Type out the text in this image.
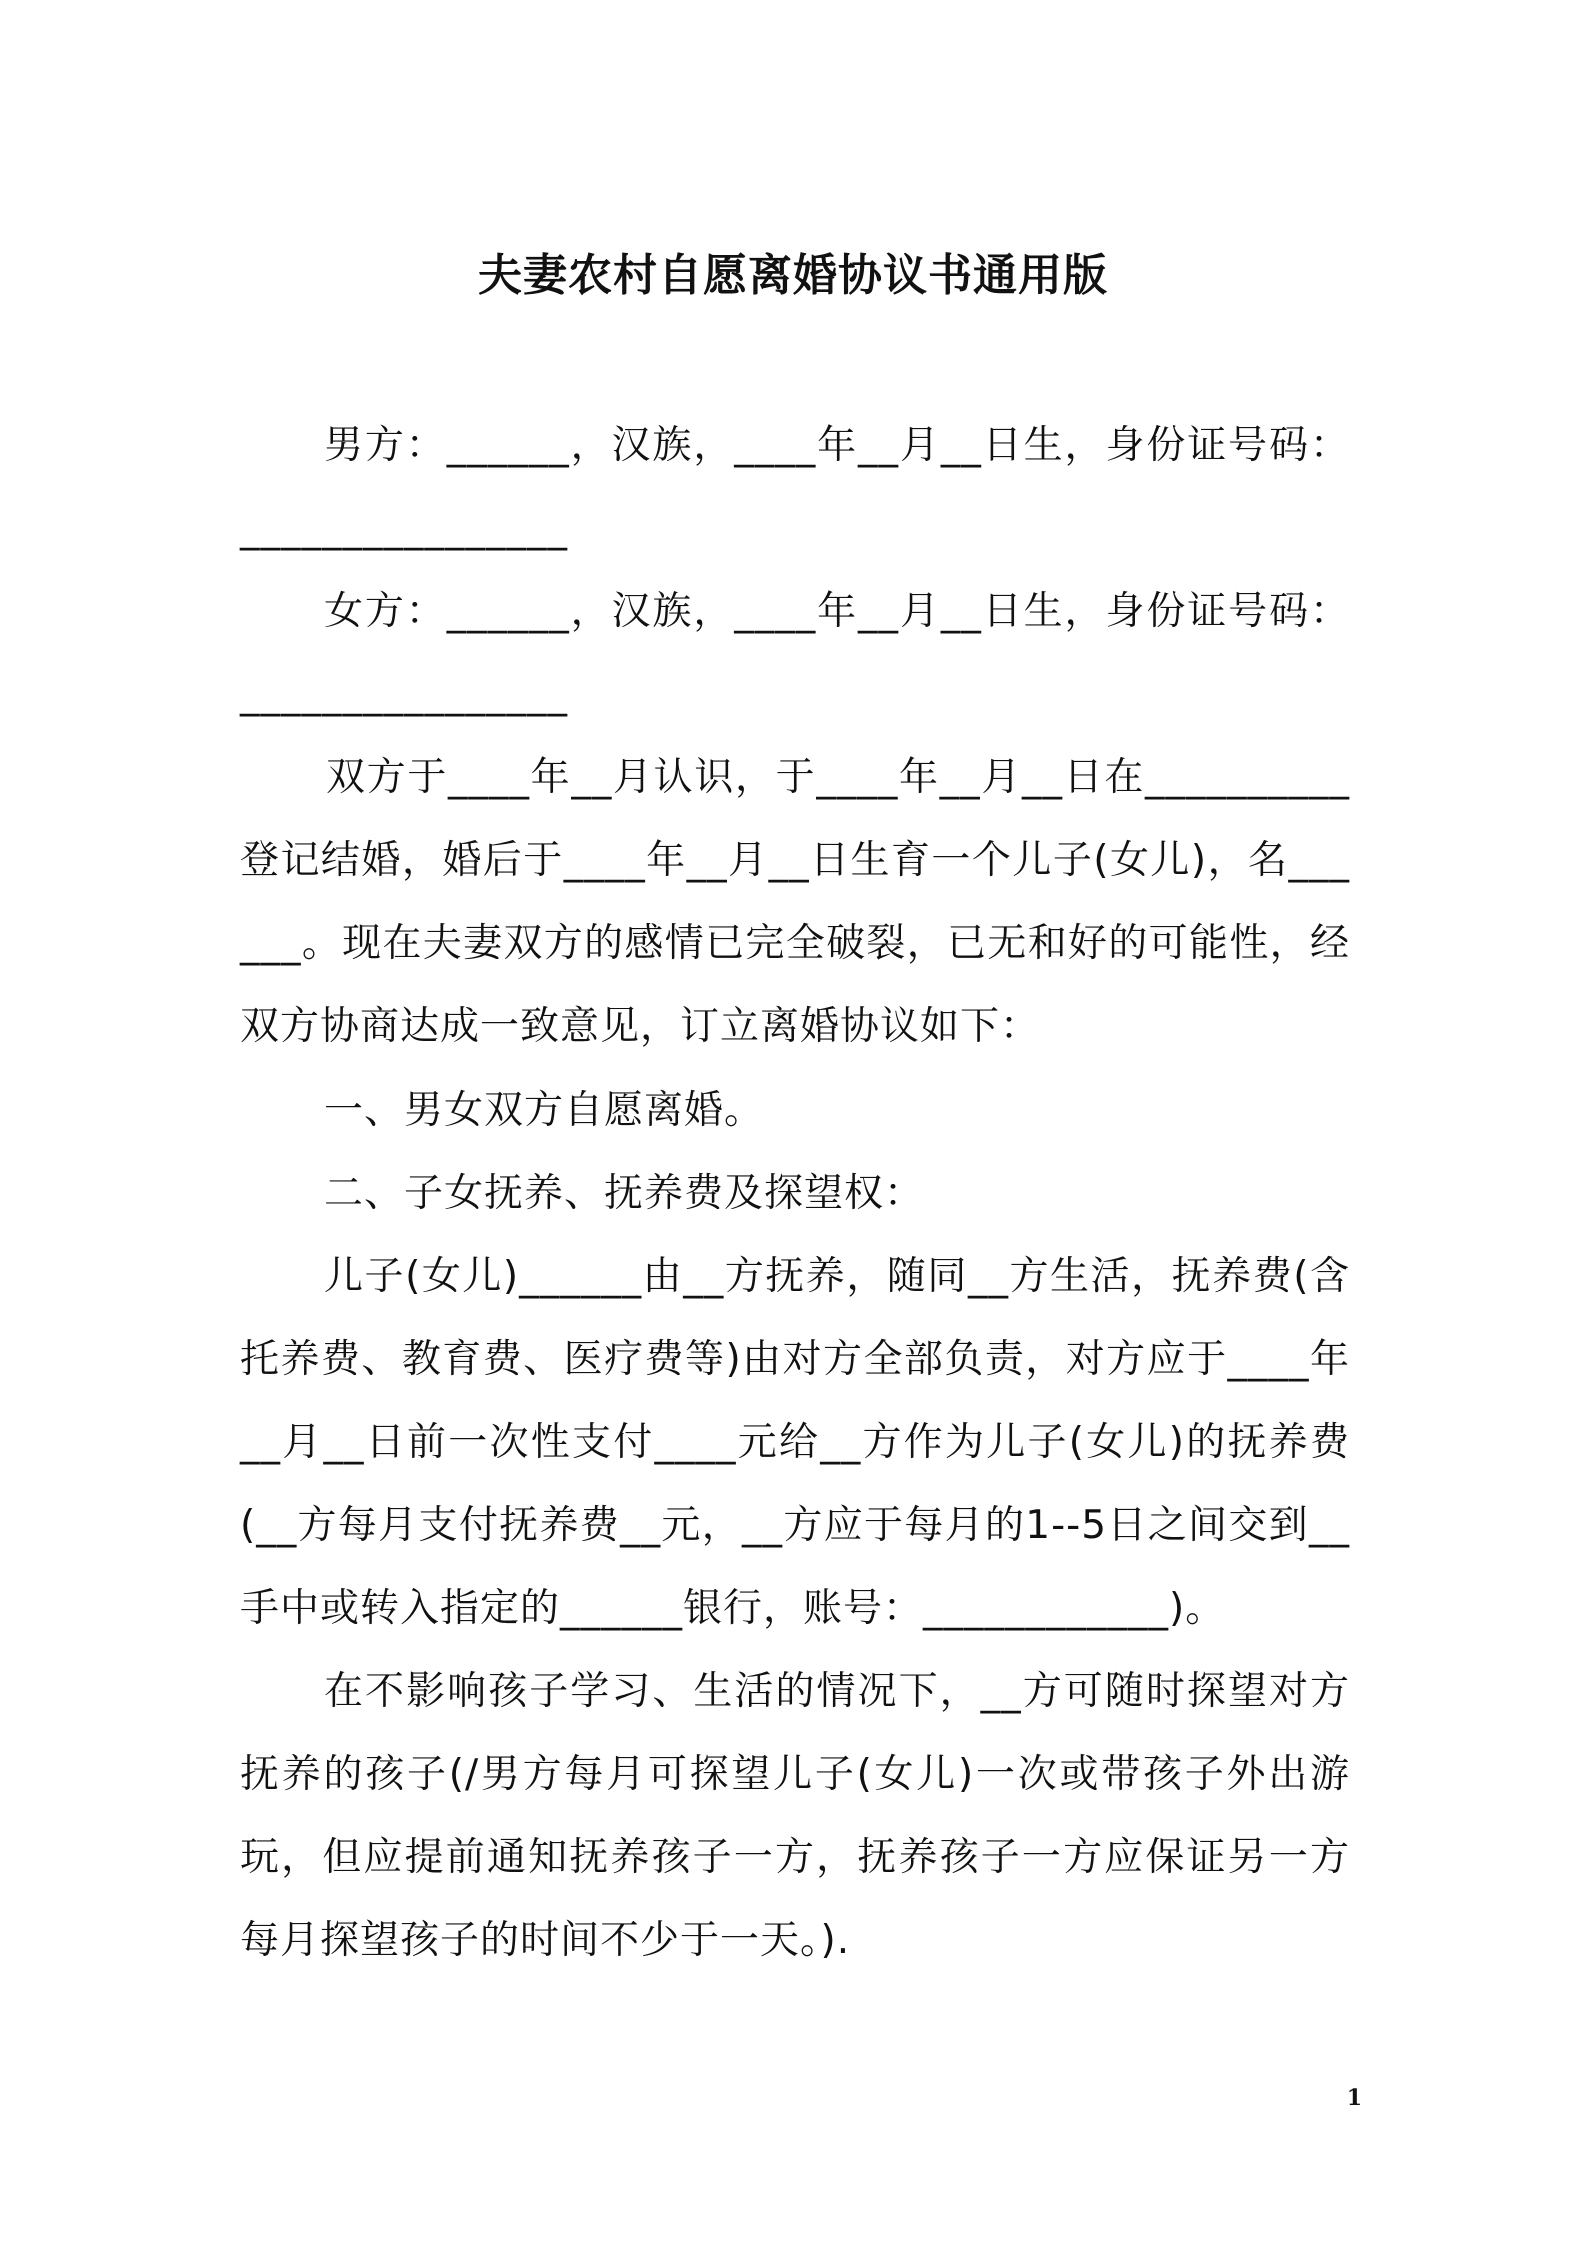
夫妻农村自愿离婚协议书通用版

男方：______，汉族，____年__月__日生，身份证号码：________________

女方：______，汉族，____年__月__日生，身份证号码：________________

双方于____年__月认识，于____年__月__日在__________登记结婚，婚后于____年__月__日生育一个儿子(女儿)，名______。现在夫妻双方的感情已完全破裂，已无和好的可能性，经双方协商达成一致意见，订立离婚协议如下：

一、男女双方自愿离婚。

二、子女抚养、抚养费及探望权：

儿子(女儿)______由__方抚养，随同__方生活，抚养费(含托养费、教育费、医疗费等)由对方全部负责，对方应于____年__月__日前一次性支付____元给__方作为儿子(女儿)的抚养费(__方每月支付抚养费__元，__方应于每月的1--5日之间交到__手中或转入指定的______银行，账号：____________)。

在不影响孩子学习、生活的情况下，__方可随时探望对方抚养的孩子(/男方每月可探望儿子(女儿)一次或带孩子外出游玩，但应提前通知抚养孩子一方，抚养孩子一方应保证另一方每月探望孩子的时间不少于一天。).

1
